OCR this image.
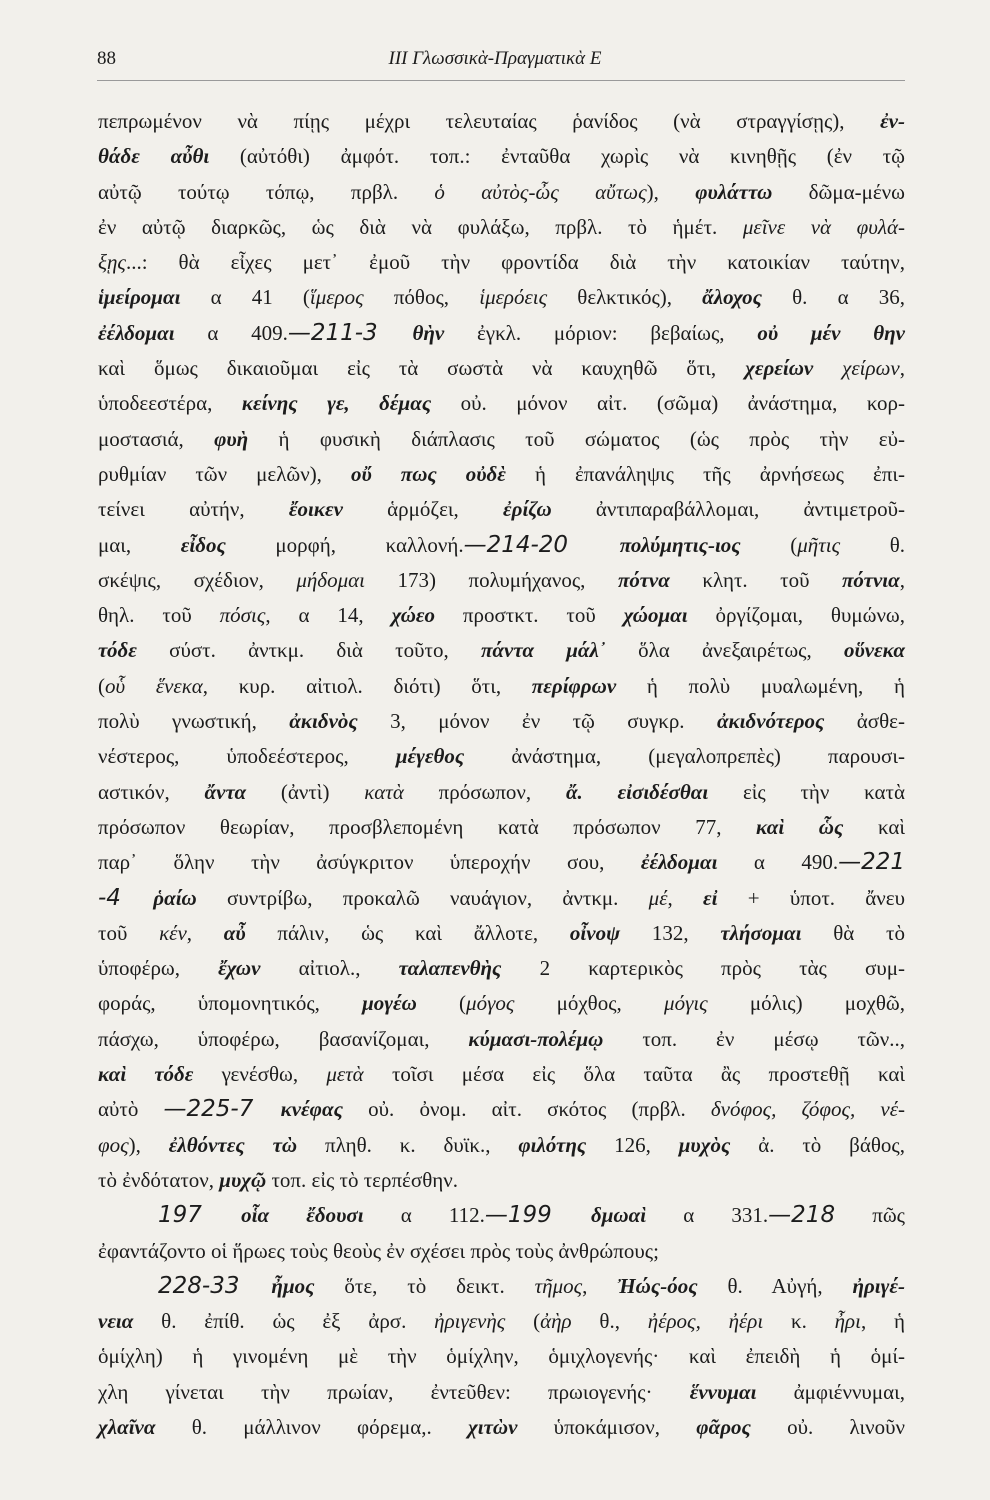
88	III Γλωσσικὰ-Πραγματικὰ Ε
πεπρωμένον νὰ πίῃς μέχρι τελευταίας ῥανίδος (νὰ στραγγίσῃς), ἐν-
θάδε αὖθι (αὐτόθι) ἀμφότ. τοπ.: ἐνταῦθα χωρὶς νὰ κινηθῇς (ἐν τῷ
αὐτῷ τούτῳ τόπῳ, πρβλ. ὁ αὐτὸς-ὦς αὔτως), φυλάττω δῶμα-μένω
ἐν αὐτῷ διαρκῶς, ὡς διὰ νὰ φυλάξω, πρβλ. τὸ ἡμέτ. μεῖνε νὰ φυλά-
ξῃς...: θὰ εἶχες μετ᾽ ἐμοῦ τὴν φροντίδα διὰ τὴν κατοικίαν ταύτην,
ἱμείρομαι α 41 (ἵμερος πόθος, ἱμερόεις θελκτικός), ἄλοχος θ. α 36,
ἐέλδομαι α 409.—211-3 θὴν ἐγκλ. μόριον: βεβαίως, οὐ μέν θην
καὶ ὅμως δικαιοῦμαι εἰς τὰ σωστὰ νὰ καυχηθῶ ὅτι, χερείων χείρων,
ὑποδεεστέρα, κείνης γε, δέμας οὐ. μόνον αἰτ. (σῶμα) ἀνάστημα, κορ-
μοστασιά, φυὴ ἡ φυσικὴ διάπλασις τοῦ σώματος (ὡς πρὸς τὴν εὐ-
ρυθμίαν τῶν μελῶν), οὔ πως οὐδὲ ἡ ἐπανάληψις τῆς ἀρνήσεως ἐπι-
τείνει αὐτήν, ἔοικεν ἁρμόζει, ἐρίζω ἀντιπαραβάλλομαι, ἀντιμετροῦ-
μαι, εἶδος μορφή, καλλονή.—214-20 πολύμητις-ιος (μῆτις θ.
σκέψις, σχέδιον, μήδομαι 173) πολυμήχανος, πότνα κλητ. τοῦ πότνια,
θηλ. τοῦ πόσις, α 14, χώεο προστκτ. τοῦ χώομαι ὀργίζομαι, θυμώνω,
τόδε σύστ. ἀντκμ. διὰ τοῦτο, πάντα μάλ᾽ ὅλα ἀνεξαιρέτως, οὕνεκα
(οὗ ἕνεκα, κυρ. αἰτιολ. διότι) ὅτι, περίφρων ἡ πολὺ μυαλωμένη, ἡ
πολὺ γνωστική, ἀκιδνὸς 3, μόνον ἐν τῷ συγκρ. ἀκιδνότερος ἀσθε-
νέστερος, ὑποδεέστερος, μέγεθος ἀνάστημα, (μεγαλοπρεπὲς) παρουσι-
αστικόν, ἄντα (ἀντὶ) κατὰ πρόσωπον, ἄ. εἰσιδέσθαι εἰς τὴν κατὰ
πρόσωπον θεωρίαν, προσβλεπομένη κατὰ πρόσωπον 77, καὶ ὧς καὶ
παρ᾽ ὅλην τὴν ἀσύγκριτον ὑπεροχήν σου, ἐέλδομαι α 490.—221
-4 ῥαίω συντρίβω, προκαλῶ ναυάγιον, ἀντκμ. μέ, εἰ + ὑποτ. ἄνευ
τοῦ κέν, αὖ πάλιν, ὡς καὶ ἄλλοτε, οἶνοψ 132, τλήσομαι θὰ τὸ
ὑποφέρω, ἔχων αἰτιολ., ταλαπενθὴς 2 καρτερικὸς πρὸς τὰς συμ-
φοράς, ὑπομονητικός, μογέω (μόγος μόχθος, μόγις μόλις) μοχθῶ,
πάσχω, ὑποφέρω, βασανίζομαι, κύμασι-πολέμῳ τοπ. ἐν μέσῳ τῶν..,
καὶ τόδε γενέσθω, μετὰ τοῖσι μέσα εἰς ὅλα ταῦτα ἂς προστεθῇ καὶ
αὐτὸ —225-7 κνέφας οὐ. ὀνομ. αἰτ. σκότος (πρβλ. δνόφος, ζόφος, νέ-
φος), ἐλθόντες τὼ πληθ. κ. δυϊκ., φιλότης 126, μυχὸς ἀ. τὸ βάθος,
τὸ ἐνδότατον, μυχῷ τοπ. εἰς τὸ τερπέσθην.
197 οἷα ἔδουσι α 112.—199 δμωαὶ α 331.—218 πῶς
ἐφαντάζοντο οἱ ἥρωες τοὺς θεοὺς ἐν σχέσει πρὸς τοὺς ἀνθρώπους;
228-33 ἦμος ὅτε, τὸ δεικτ. τῆμος, Ἠώς-όος θ. Αὐγή, ἠριγέ-
νεια θ. ἐπίθ. ὡς ἐξ ἀρσ. ἠριγενὴς (ἀὴρ θ., ἠέρος, ἠέρι κ. ἦρι, ἡ
ὁμίχλη) ἡ γινομένη μὲ τὴν ὁμίχλην, ὁμιχλογενής· καὶ ἐπειδὴ ἡ ὁμί-
χλη γίνεται τὴν πρωίαν, ἐντεῦθεν: πρωιογενής· ἕννυμαι ἀμφιέννυμαι,
χλαῖνα θ. μάλλινον φόρεμα,. χιτὼν ὑποκάμισον, φᾶρος οὐ. λινοῦν
